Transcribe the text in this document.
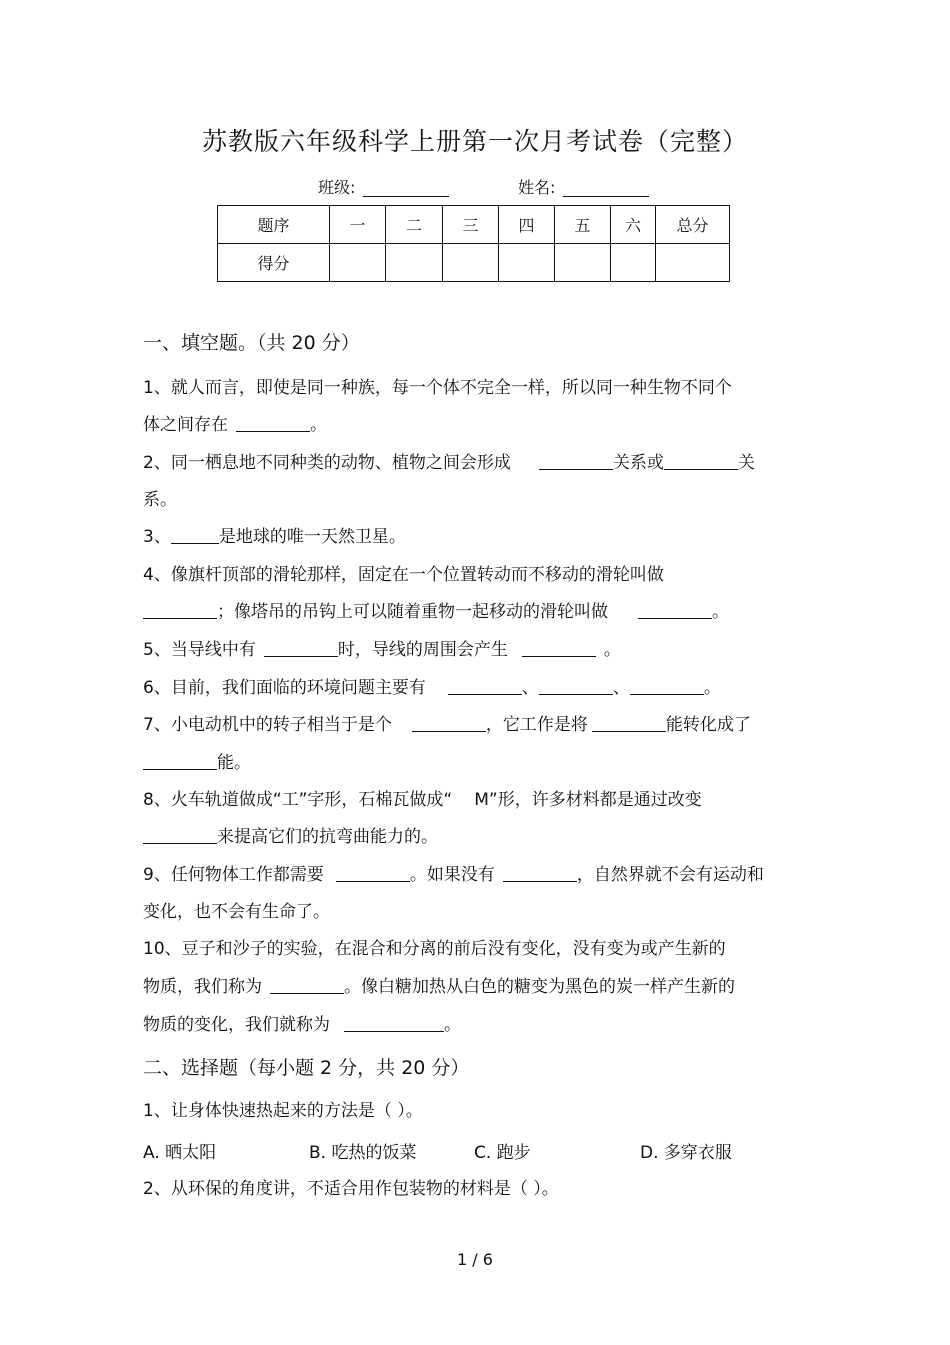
苏教版六年级科学上册第一次月考试卷（完整）
班级:	姓名:
题序	一	二	三	四	五	六	总分
得分							
一、填空题。（共 20 分）
1、就人而言，即使是同一种族，每一个体不完全一样，所以同一种生物不同个
体之间存在	。
2、同一栖息地不同种类的动物、植物之间会形成	关系或	关
系。
3、	是地球的唯一天然卫星。
4、像旗杆顶部的滑轮那样，固定在一个位置转动而不移动的滑轮叫做
；像塔吊的吊钩上可以随着重物一起移动的滑轮叫做	。
5、当导线中有	时，导线的周围会产生	。
6、目前，我们面临的环境问题主要有	、	、	。
7、小电动机中的转子相当于是个	，它工作是将	能转化成了
能。
8、火车轨道做成“工”字形，石棉瓦做成“ M”形，许多材料都是通过改变
来提高它们的抗弯曲能力的。
9、任何物体工作都需要	。如果没有	，自然界就不会有运动和
变化，也不会有生命了。
10、豆子和沙子的实验，在混合和分离的前后没有变化，没有变为或产生新的
物质，我们称为	。像白糖加热从白色的糖变为黑色的炭一样产生新的
物质的变化，我们就称为	。
二、选择题（每小题 2 分，共 20 分）
1、让身体快速热起来的方法是（ ）。
A. 晒太阳	B. 吃热的饭菜	C. 跑步	D. 多穿衣服
2、从环保的角度讲，不适合用作包装物的材料是（ ）。
1 / 6
